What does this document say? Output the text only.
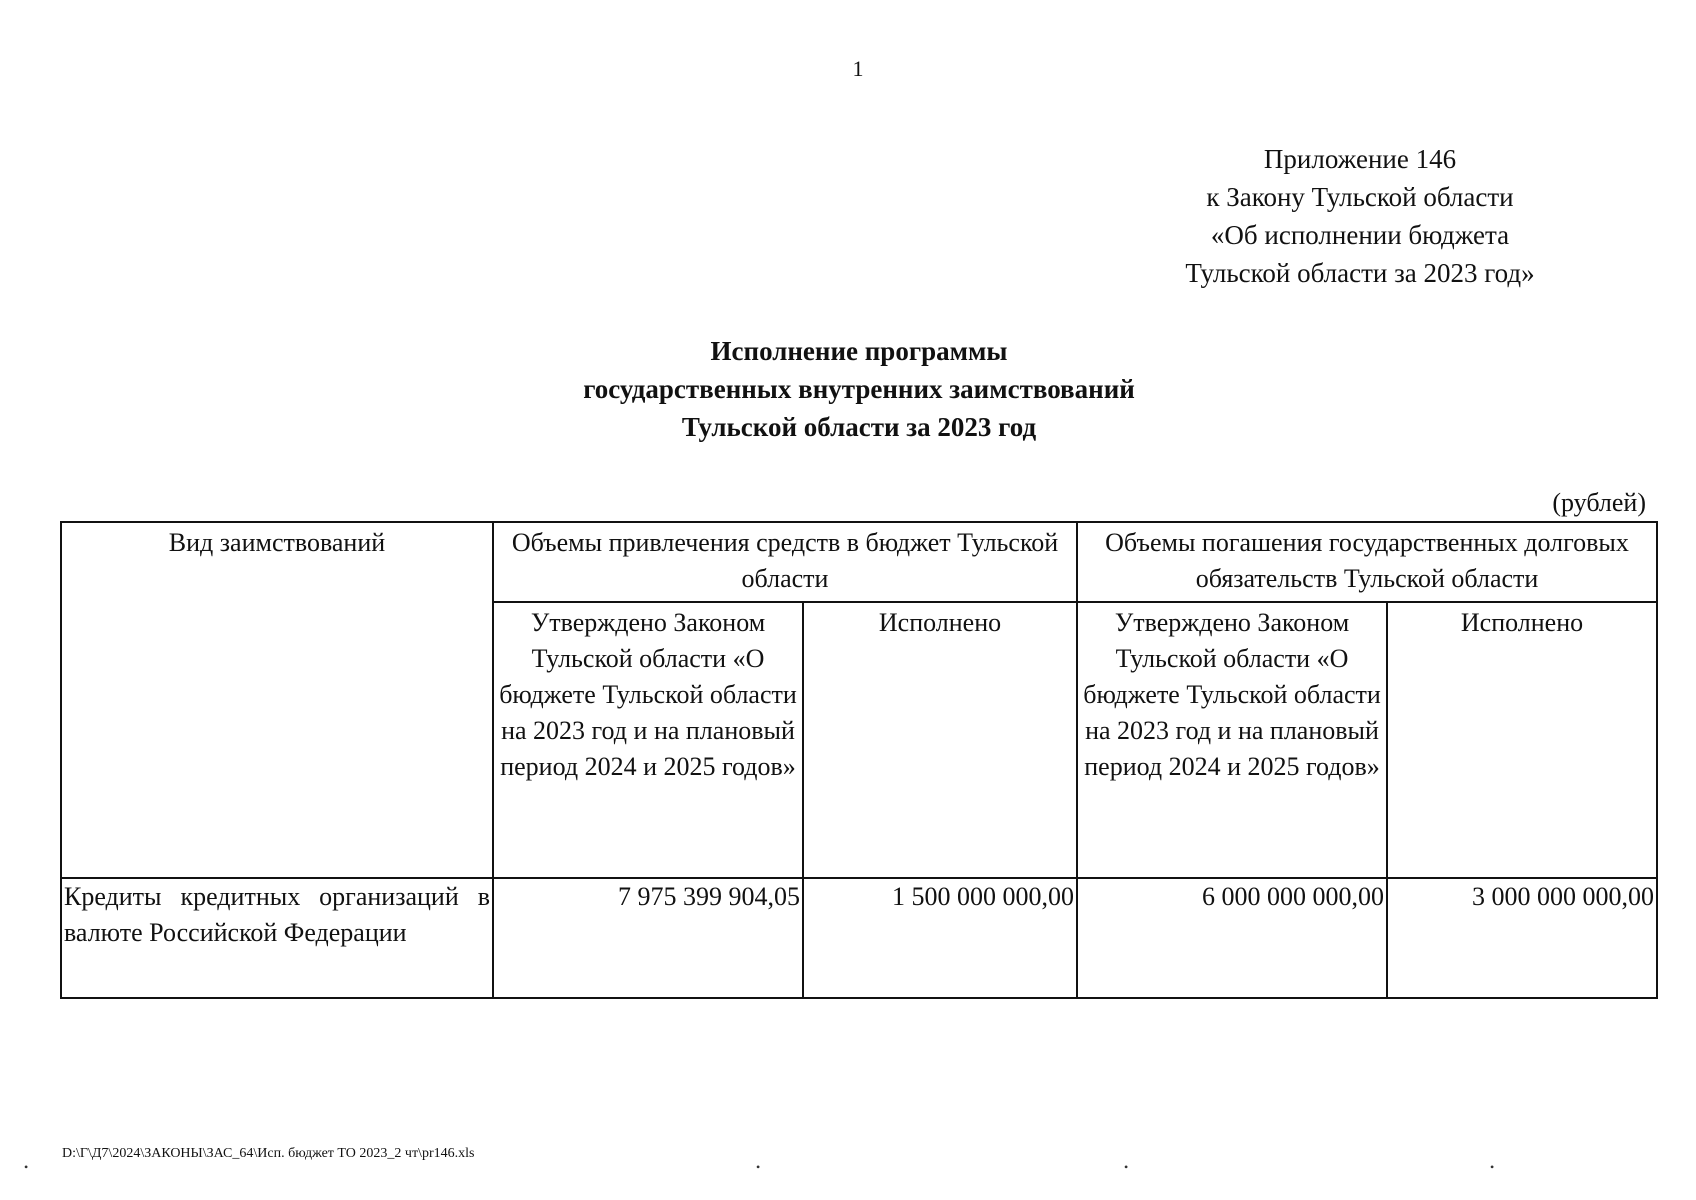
1
Приложение 146
к Закону Тульской области
«Об исполнении бюджета
Тульской области за 2023 год»
Исполнение программы
государственных внутренних заимствований
Тульской области за 2023 год
(рублей)
Вид заимствований	Объемы привлечения средств в бюджет Тульской области		Объемы погашения государственных долговых обязательств Тульской области	
	Утверждено Законом Тульской области «О бюджете Тульской области на 2023 год и на плановый период 2024 и 2025 годов»	Исполнено	Утверждено Законом Тульской области «О бюджете Тульской области на 2023 год и на плановый период 2024 и 2025 годов»	Исполнено
Кредиты кредитных организаций в валюте Российской Федерации	7 975 399 904,05	1 500 000 000,00	6 000 000 000,00	3 000 000 000,00
D:\Г\Д7\2024\ЗАКОНЫ\ЗАС_64\Исп. бюджет ТО 2023_2 чт\pr146.xls
•	•	•	•
